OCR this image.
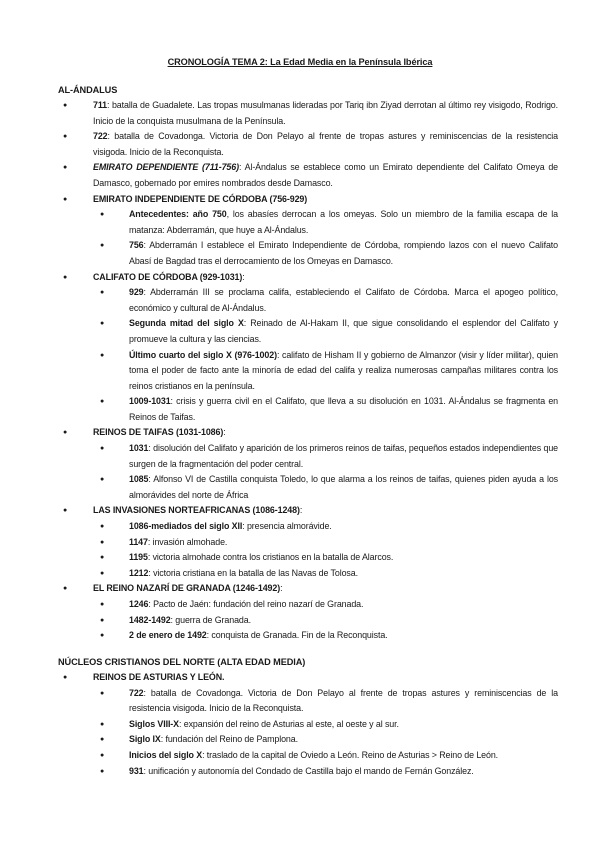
CRONOLOGÍA TEMA 2: La Edad Media en la Península Ibérica
AL-ÁNDALUS
● 711: batalla de Guadalete. Las tropas musulmanas lideradas por Tariq ibn Ziyad derrotan al último rey visigodo, Rodrigo. Inicio de la conquista musulmana de la Península.
● 722: batalla de Covadonga. Victoria de Don Pelayo al frente de tropas astures y reminiscencias de la resistencia visigoda. Inicio de la Reconquista.
● EMIRATO DEPENDIENTE (711-756): Al-Ándalus se establece como un Emirato dependiente del Califato Omeya de Damasco, gobernado por emires nombrados desde Damasco.
● EMIRATO INDEPENDIENTE DE CÓRDOBA (756-929)
● Antecedentes: año 750, los abasíes derrocan a los omeyas. Solo un miembro de la familia escapa de la matanza: Abderramán, que huye a Al-Ándalus.
● 756: Abderramán I establece el Emirato Independiente de Córdoba, rompiendo lazos con el nuevo Califato Abasí de Bagdad tras el derrocamiento de los Omeyas en Damasco.
● CALIFATO DE CÓRDOBA (929-1031):
● 929: Abderramán III se proclama califa, estableciendo el Califato de Córdoba. Marca el apogeo político, económico y cultural de Al-Ándalus.
● Segunda mitad del siglo X: Reinado de Al-Hakam II, que sigue consolidando el esplendor del Califato y promueve la cultura y las ciencias.
● Último cuarto del siglo X (976-1002): califato de Hisham II y gobierno de Almanzor (visir y líder militar), quien toma el poder de facto ante la minoría de edad del califa y realiza numerosas campañas militares contra los reinos cristianos en la península.
● 1009-1031: crisis y guerra civil en el Califato, que lleva a su disolución en 1031. Al-Ándalus se fragmenta en Reinos de Taifas.
● REINOS DE TAIFAS (1031-1086):
● 1031: disolución del Califato y aparición de los primeros reinos de taifas, pequeños estados independientes que surgen de la fragmentación del poder central.
● 1085: Alfonso VI de Castilla conquista Toledo, lo que alarma a los reinos de taifas, quienes piden ayuda a los almorávides del norte de África
● LAS INVASIONES NORTEAFRICANAS (1086-1248):
● 1086-mediados del siglo XII: presencia almorávide.
● 1147: invasión almohade.
● 1195: victoria almohade contra los cristianos en la batalla de Alarcos.
● 1212: victoria cristiana en la batalla de las Navas de Tolosa.
● EL REINO NAZARÍ DE GRANADA (1246-1492):
● 1246: Pacto de Jaén: fundación del reino nazarí de Granada.
● 1482-1492: guerra de Granada.
● 2 de enero de 1492: conquista de Granada. Fin de la Reconquista.
NÚCLEOS CRISTIANOS DEL NORTE (ALTA EDAD MEDIA)
● REINOS DE ASTURIAS Y LEÓN.
● 722: batalla de Covadonga. Victoria de Don Pelayo al frente de tropas astures y reminiscencias de la resistencia visigoda. Inicio de la Reconquista.
● Siglos VIII-X: expansión del reino de Asturias al este, al oeste y al sur.
● Siglo IX: fundación del Reino de Pamplona.
● Inicios del siglo X: traslado de la capital de Oviedo a León. Reino de Asturias > Reino de León.
● 931: unificación y autonomía del Condado de Castilla bajo el mando de Fernán González.
